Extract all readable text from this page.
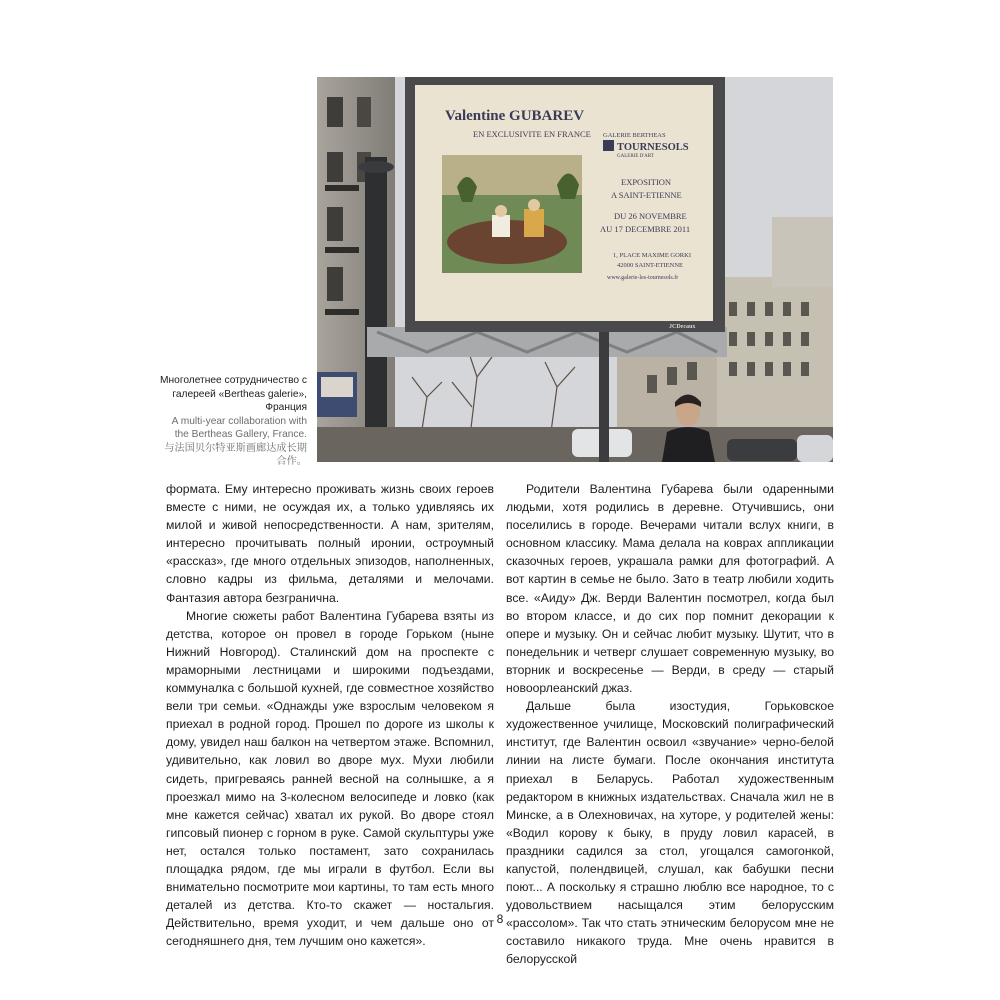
Многолетнее сотрудничество с галереей «Bertheas galerie», Франция
A multi-year collaboration with the Bertheas Gallery, France.
与法国贝尔特亚斯画廊达成长期合作。
Valentine GUBAREV
EN EXCLUSIVITE EN FRANCE GALERIE BERTHEAS
TOURNESOLS
GALERIE D'ART
EXPOSITION
A SAINT-ETIENNE
DU 26 NOVEMBRE
AU 17 DECEMBRE 2011
1, PLACE MAXIME GORKI
42000 SAINT-ETIENNE
www.galerie-les-tournesols.fr
JCDecaux

формата. Ему интересно проживать жизнь своих героев вместе с ними, не осуждая их, а только удивляясь их милой и живой непосредственности. А нам, зрителям, интересно прочитывать полный иронии, остроумный «рассказ», где много отдельных эпизодов, наполненных, словно кадры из фильма, деталями и мелочами. Фантазия автора безгранична.

Многие сюжеты работ Валентина Губарева взяты из детства, которое он провел в городе Горьком (ныне Нижний Новгород). Сталинский дом на проспекте с мраморными лестницами и широкими подъездами, коммуналка с большой кухней, где совместное хозяйство вели три семьи. «Однажды уже взрослым человеком я приехал в родной город. Прошел по дороге из школы к дому, увидел наш балкон на четвертом этаже. Вспомнил, удивительно, как ловил во дворе мух. Мухи любили сидеть, пригреваясь ранней весной на солнышке, а я проезжал мимо на 3-колесном велосипеде и ловко (как мне кажется сейчас) хватал их рукой. Во дворе стоял гипсовый пионер с горном в руке. Самой скульптуры уже нет, остался только постамент, зато сохранилась площадка рядом, где мы играли в футбол. Если вы внимательно посмотрите мои картины, то там есть много деталей из детства. Кто-то скажет — ностальгия. Действительно, время уходит, и чем дальше оно от сегодняшнего дня, тем лучшим оно кажется».

Родители Валентина Губарева были одаренными людьми, хотя родились в деревне. Отучившись, они поселились в городе. Вечерами читали вслух книги, в основном классику. Мама делала на коврах аппликации сказочных героев, украшала рамки для фотографий. А вот картин в семье не было. Зато в театр любили ходить все. «Аиду» Дж. Верди Валентин посмотрел, когда был во втором классе, и до сих пор помнит декорации к опере и музыку. Он и сейчас любит музыку. Шутит, что в понедельник и четверг слушает современную музыку, во вторник и воскресенье — Верди, в среду — старый новоорлеанский джаз.

Дальше была изостудия, Горьковское художественное училище, Московский полиграфический институт, где Валентин освоил «звучание» черно-белой линии на листе бумаги. После окончания института приехал в Беларусь. Работал художественным редактором в книжных издательствах. Сначала жил не в Минске, а в Олехновичах, на хуторе, у родителей жены: «Водил корову к быку, в пруду ловил карасей, в праздники садился за стол, угощался самогонкой, капустой, полендвицей, слушал, как бабушки песни поют... А поскольку я страшно люблю все народное, то с удовольствием насыщался этим белорусским «рассолом». Так что стать этническим белорусом мне не составило никакого труда. Мне очень нравится в белорусской

8
